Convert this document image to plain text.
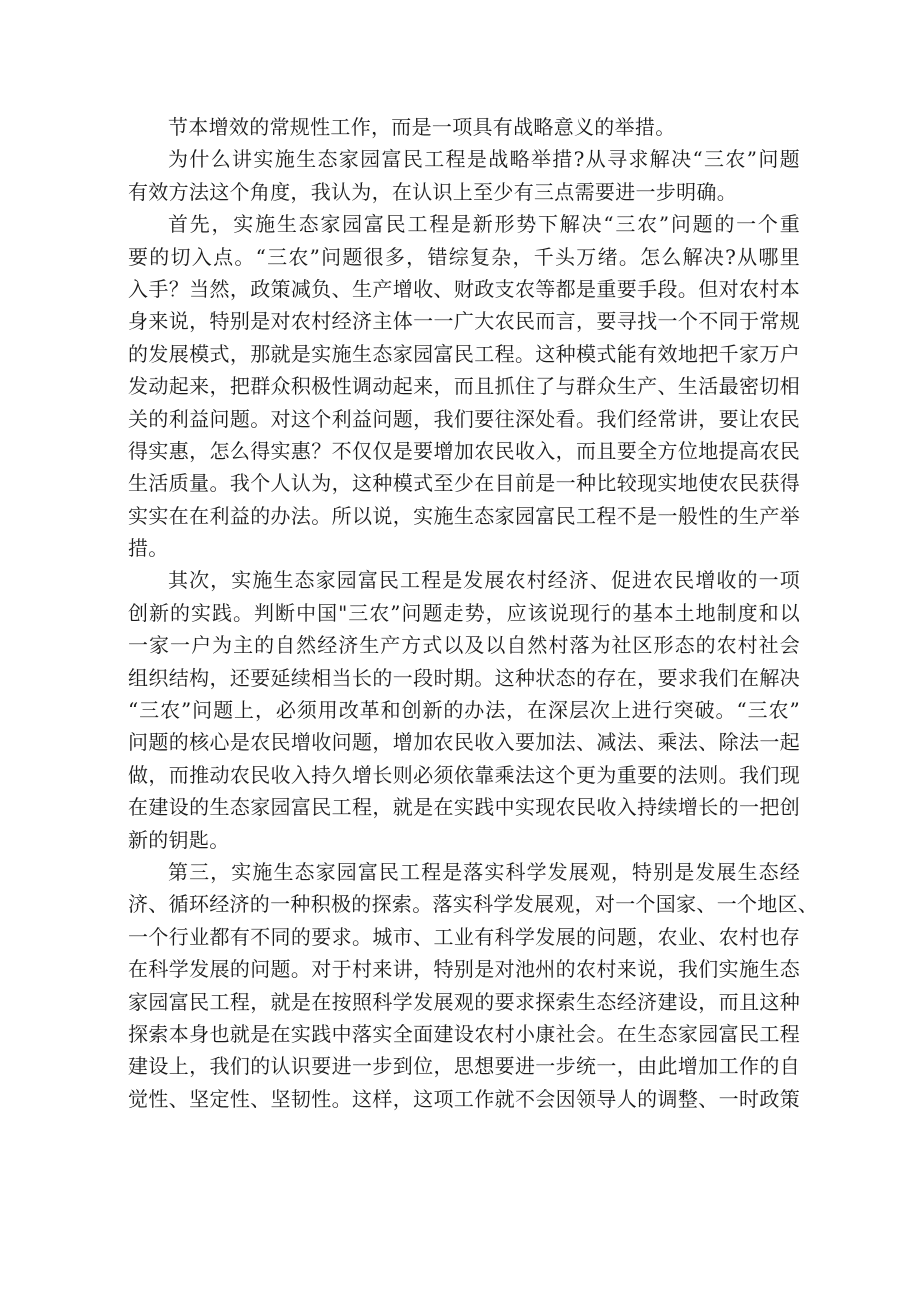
节本增效的常规性工作，而是一项具有战略意义的举措。
为什么讲实施生态家园富民工程是战略举措?从寻求解决“三农”问题
有效方法这个角度，我认为，在认识上至少有三点需要进一步明确。
首先，实施生态家园富民工程是新形势下解决“三农”问题的一个重
要的切入点。“三农”问题很多，错综复杂，千头万绪。怎么解决?从哪里
入手？当然，政策减负、生产增收、财政支农等都是重要手段。但对农村本
身来说，特别是对农村经济主体一一广大农民而言，要寻找一个不同于常规
的发展模式，那就是实施生态家园富民工程。这种模式能有效地把千家万户
发动起来，把群众积极性调动起来，而且抓住了与群众生产、生活最密切相
关的利益问题。对这个利益问题，我们要往深处看。我们经常讲，要让农民
得实惠，怎么得实惠？不仅仅是要增加农民收入，而且要全方位地提高农民
生活质量。我个人认为，这种模式至少在目前是一种比较现实地使农民获得
实实在在利益的办法。所以说，实施生态家园富民工程不是一般性的生产举
措。
其次，实施生态家园富民工程是发展农村经济、促进农民增收的一项
创新的实践。判断中国"三农”问题走势，应该说现行的基本土地制度和以
一家一户为主的自然经济生产方式以及以自然村落为社区形态的农村社会
组织结构，还要延续相当长的一段时期。这种状态的存在，要求我们在解决
“三农”问题上，必须用改革和创新的办法，在深层次上进行突破。“三农”
问题的核心是农民增收问题，增加农民收入要加法、减法、乘法、除法一起
做，而推动农民收入持久增长则必须依靠乘法这个更为重要的法则。我们现
在建设的生态家园富民工程，就是在实践中实现农民收入持续增长的一把创
新的钥匙。
第三，实施生态家园富民工程是落实科学发展观，特别是发展生态经
济、循环经济的一种积极的探索。落实科学发展观，对一个国家、一个地区、
一个行业都有不同的要求。城市、工业有科学发展的问题，农业、农村也存
在科学发展的问题。对于村来讲，特别是对池州的农村来说，我们实施生态
家园富民工程，就是在按照科学发展观的要求探索生态经济建设，而且这种
探索本身也就是在实践中落实全面建设农村小康社会。在生态家园富民工程
建设上，我们的认识要进一步到位，思想要进一步统一，由此增加工作的自
觉性、坚定性、坚韧性。这样，这项工作就不会因领导人的调整、一时政策
